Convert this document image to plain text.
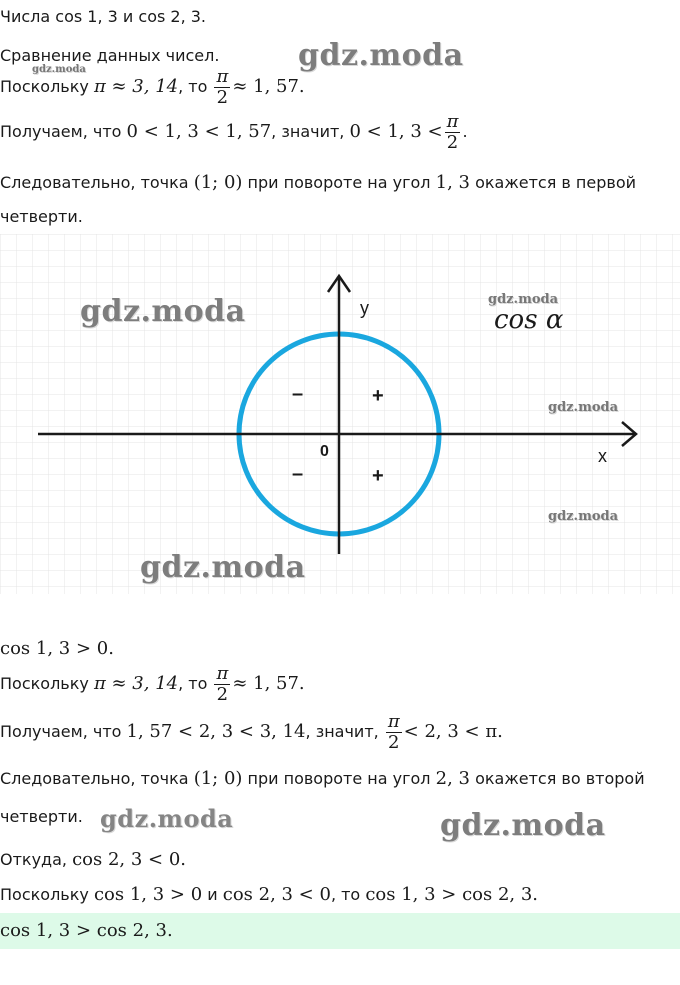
Числа cos 1, 3 и cos 2, 3.
Сравнение данных чисел.
Поскольку π ≈ 3, 14, то $\frac{\pi}{2} \approx 1$, 57.
Получаем, что 0 < 1, 3 < 1, 57, значит, 0 < 1, $3 < \frac{\pi}{2}$ .
Следовательно, точка (1; 0) при повороте на угол 1, 3 окажется в первой
четверти.
y
x
0
–	+
–	+
cos α
cos 1, 3 > 0.
Поскольку π ≈ 3, 14, то $\frac{\pi}{2} \approx 1$, 57.
Получаем, что 1, 57 < 2, 3 < 3, 14, значит, $\frac{\pi}{2} < 2$, 3 < π.
Следовательно, точка (1; 0) при повороте на угол 2, 3 окажется во второй
четверти.
Откуда, cos 2, 3 < 0.
Поскольку cos 1, 3 > 0 и cos 2, 3 < 0, то cos 1, 3 > cos 2, 3.
cos 1, 3 > cos 2, 3.
gdz.moda
gdz.moda
gdz.moda	gdz.moda
gdz.moda
gdz.moda
gdz.moda
gdz.moda	gdz.moda
